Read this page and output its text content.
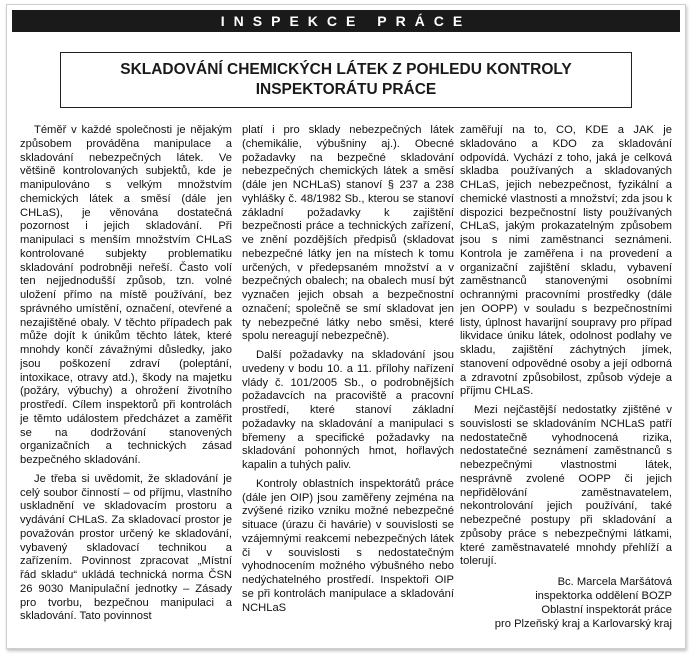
INSPEKCE PRÁCE
SKLADOVÁNÍ CHEMICKÝCH LÁTEK Z POHLEDU KONTROLY
INSPEKTORÁTU PRÁCE

Téměř v každé společnosti je nějakým způsobem prováděna manipulace a skladování nebezpečných látek. Ve většině kontrolovaných subjektů, kde je manipulováno s velkým množstvím chemických látek a směsí (dále jen CHLaS), je věnována dostatečná pozornost i jejich skladování. Při manipulaci s menším množstvím CHLaS kontrolované subjekty problematiku skladování podrobněji neřeší. Často volí ten nejjednodušší způsob, tzn. volné uložení přímo na místě používání, bez správného umístění, označení, otevřené a nezajištěné obaly. V těchto případech pak může dojít k únikům těchto látek, které mnohdy končí závažnými důsledky, jako jsou poškození zdraví (poleptání, intoxikace, otravy atd.), škody na majetku (požáry, výbuchy) a ohrožení životního prostředí. Cílem inspektorů při kontrolách je těmto událostem předcházet a zaměřit se na dodržování stanovených organizačních a technických zásad bezpečného skladování.

Je třeba si uvědomit, že skladování je celý soubor činností – od příjmu, vlastního uskladnění ve skladovacím prostoru a vydávání CHLaS. Za skladovací prostor je považován prostor určený ke skladování, vybavený skladovací technikou a zařízením. Povinnost zpracovat „Místní řád skladu“ ukládá technická norma ČSN 26 9030 Manipulační jednotky – Zásady pro tvorbu, bezpečnou manipulaci a skladování. Tato povinnost

platí i pro sklady nebezpečných látek (chemikálie, výbušniny aj.). Obecné požadavky na bezpečné skladování nebezpečných chemických látek a směsí (dále jen NCHLaS) stanoví § 237 a 238 vyhlášky č. 48/1982 Sb., kterou se stanoví základní požadavky k zajištění bezpečnosti práce a technických zařízení, ve znění pozdějších předpisů (skladovat nebezpečné látky jen na místech k tomu určených, v předepsaném množství a v bezpečných obalech; na obalech musí být vyznačen jejich obsah a bezpečnostní označení; společně se smí skladovat jen ty nebezpečné látky nebo směsi, které spolu nereagují nebezpečně).

Další požadavky na skladování jsou uvedeny v bodu 10. a 11. přílohy nařízení vlády č. 101/2005 Sb., o podrobnějších požadavcích na pracoviště a pracovní prostředí, které stanoví základní požadavky na skladování a manipulaci s břemeny a specifické požadavky na skladování pohonných hmot, hořlavých kapalin a tuhých paliv.

Kontroly oblastních inspektorátů práce (dále jen OIP) jsou zaměřeny zejména na zvýšené riziko vzniku možné nebezpečné situace (úrazu či havárie) v souvislosti se vzájemnými reakcemi nebezpečných látek či v souvislosti s nedostatečným vyhodnocením možného výbušného nebo nedýchatelného prostředí. Inspektoři OIP se při kontrolách manipulace a skladování NCHLaS

zaměřují na to, CO, KDE a JAK je skladováno a KDO za skladování odpovídá. Vychází z toho, jaká je celková skladba používaných a skladovaných CHLaS, jejich nebezpečnost, fyzikální a chemické vlastnosti a množství; zda jsou k dispozici bezpečnostní listy používaných CHLaS, jakým prokazatelným způsobem jsou s nimi zaměstnanci seznámeni. Kontrola je zaměřena i na provedení a organizační zajištění skladu, vybavení zaměstnanců stanovenými osobními ochrannými pracovními prostředky (dále jen OOPP) v souladu s bezpečnostními listy, úplnost havarijní soupravy pro případ likvidace úniku látek, odolnost podlahy ve skladu, zajištění záchytných jímek, stanovení odpovědné osoby a její odborná a zdravotní způsobilost, způsob výdeje a příjmu CHLaS.

Mezi nejčastější nedostatky zjištěné v souvislosti se skladováním NCHLaS patří nedostatečně vyhodnocená rizika, nedostatečné seznámení zaměstnanců s nebezpečnými vlastnostmi látek, nesprávně zvolené OOPP či jejich nepřidělování zaměstnavatelem, nekontrolování jejich používání, také nebezpečné postupy při skladování a způsoby práce s nebezpečnými látkami, které zaměstnavatelé mnohdy přehlíží a tolerují.

Bc. Marcela Maršátová
inspektorka oddělení BOZP
Oblastní inspektorát práce
pro Plzeňský kraj a Karlovarský kraj
